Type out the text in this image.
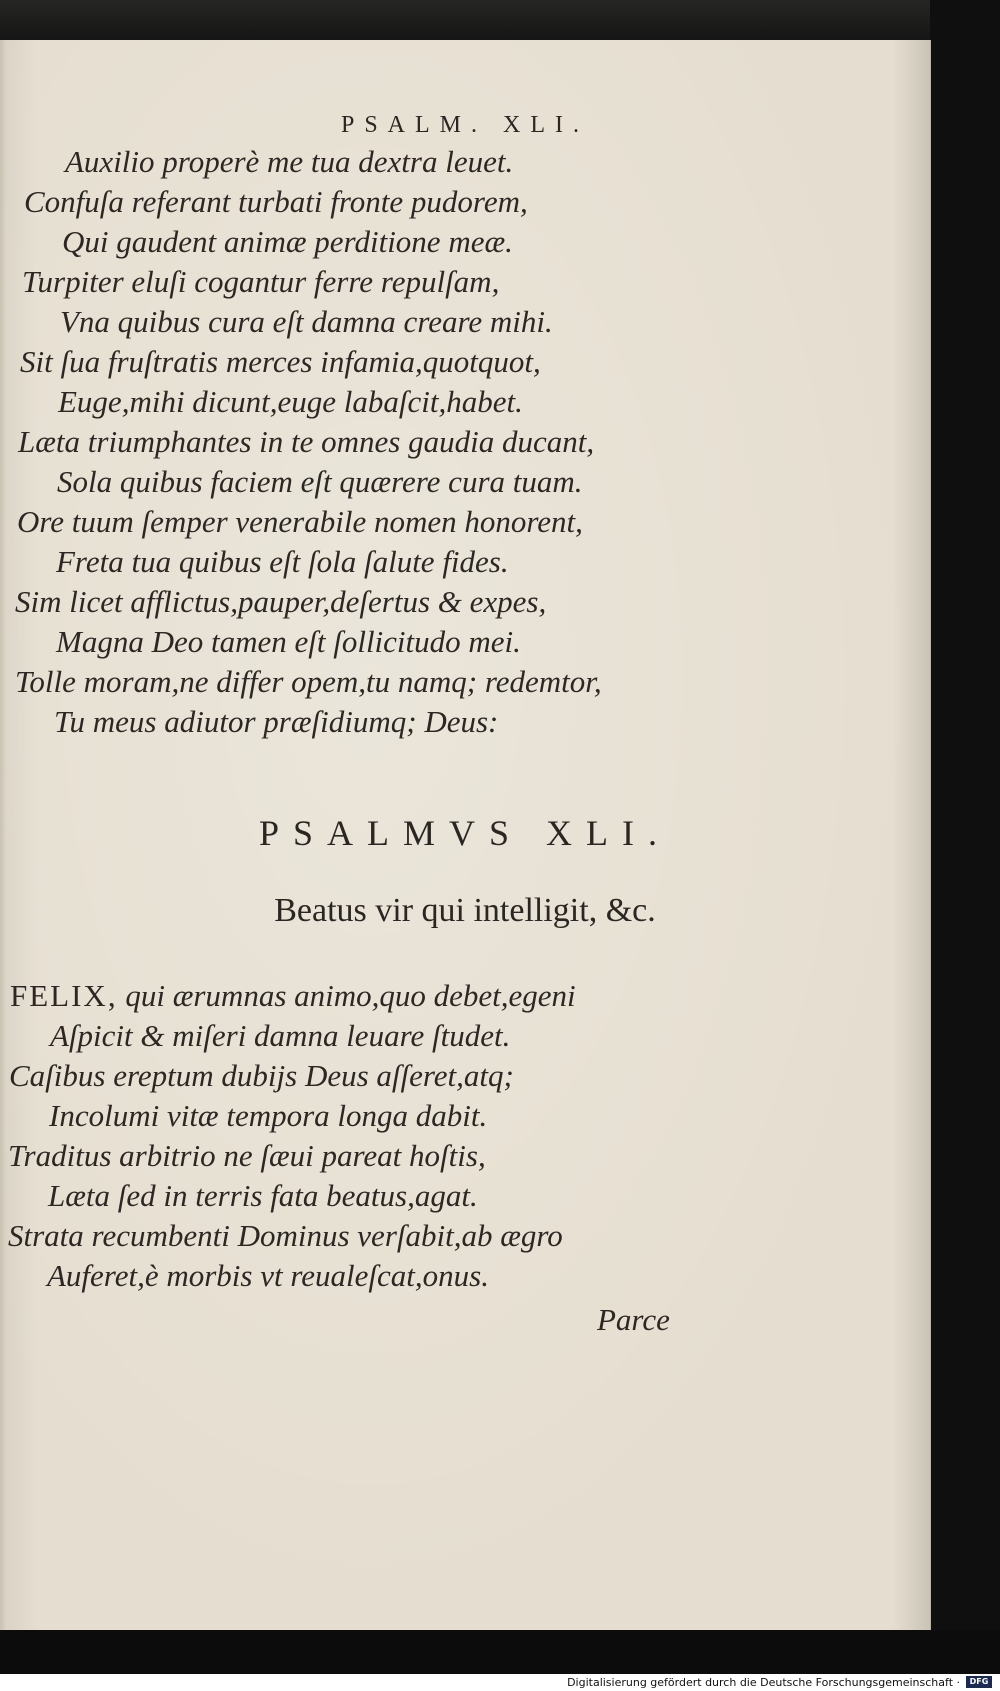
PSALM. XLI.
Auxilio properè me tua dextra leuet.
Confuſa referant turbati fronte pudorem,
Qui gaudent animæ perditione meæ.
Turpiter eluſi cogantur ferre repulſam,
Vna quibus cura eſt damna creare mihi.
Sit ſua fruſtratis merces infamia,quotquot,
Euge,mihi dicunt,euge labaſcit,habet.
Læta triumphantes in te omnes gaudia ducant,
Sola quibus faciem eſt quærere cura tuam.
Ore tuum ſemper venerabile nomen honorent,
Freta tua quibus eſt ſola ſalute fides.
Sim licet afflictus,pauper,deſertus & expes,
Magna Deo tamen eſt ſollicitudo mei.
Tolle moram,ne differ opem,tu namq; redemtor,
Tu meus adiutor præſidiumq; Deus:
PSALMVS XLI.
Beatus vir qui intelligit, &c.
FELIX, qui ærumnas animo,quo debet,egeni
Aſpicit & miſeri damna leuare ſtudet.
Caſibus ereptum dubijs Deus aſſeret,atq;
Incolumi vitæ tempora longa dabit.
Traditus arbitrio ne ſæui pareat hoſtis,
Læta ſed in terris fata beatus,agat.
Strata recumbenti Dominus verſabit,ab ægro
Auferet,è morbis vt reualeſcat,onus.
Parce
Digitalisierung gefördert durch die Deutsche Forschungsgemeinschaft ·	DFG
